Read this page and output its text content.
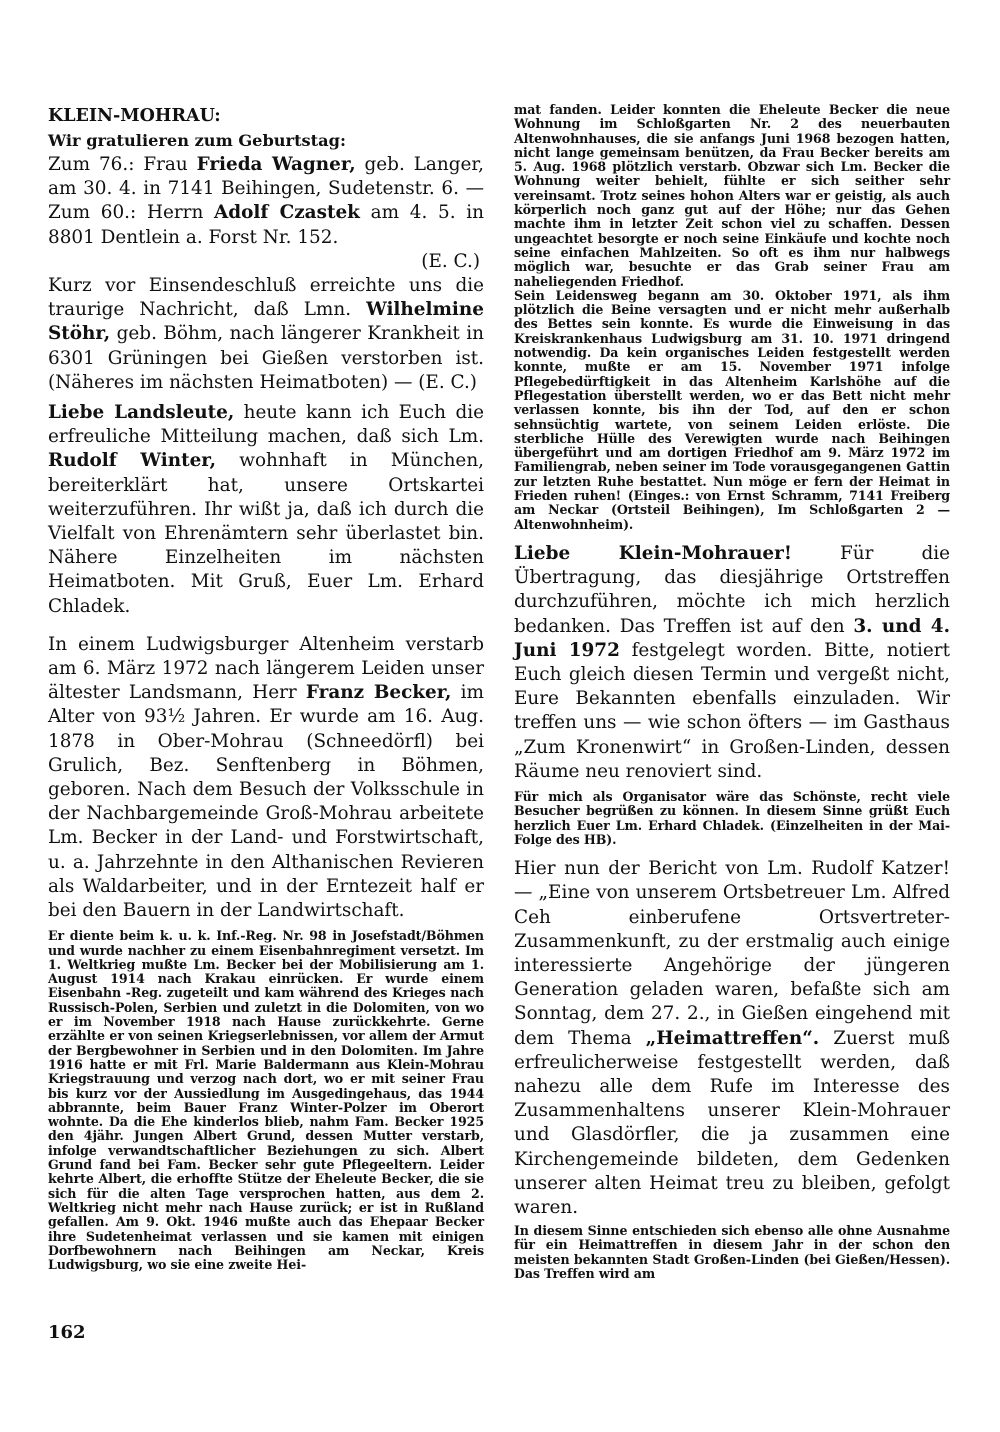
KLEIN-MOHRAU:

Wir gratulieren zum Geburtstag:

Zum 76.: Frau Frieda Wagner, geb. Langer, am 30. 4. in 7141 Beihingen, Sudetenstr. 6. — Zum 60.: Herrn Adolf Czastek am 4. 5. in 8801 Dentlein a. Forst Nr. 152.

(E. C.)

Kurz vor Einsendeschluß erreichte uns die traurige Nachricht, daß Lmn. Wilhelmine Stöhr, geb. Böhm, nach längerer Krankheit in 6301 Grüningen bei Gießen verstorben ist. (Näheres im nächsten Heimatboten) — (E. C.)

Liebe Landsleute, heute kann ich Euch die erfreuliche Mitteilung machen, daß sich Lm. Rudolf Winter, wohnhaft in München, bereiterklärt hat, unsere Ortskartei weiterzuführen. Ihr wißt ja, daß ich durch die Vielfalt von Ehrenämtern sehr überlastet bin. Nähere Einzelheiten im nächsten Heimatboten. Mit Gruß, Euer Lm. Erhard Chladek.

In einem Ludwigsburger Altenheim verstarb am 6. März 1972 nach längerem Leiden unser ältester Landsmann, Herr Franz Becker, im Alter von 93½ Jahren. Er wurde am 16. Aug. 1878 in Ober-Mohrau (Schneedörfl) bei Grulich, Bez. Senftenberg in Böhmen, geboren. Nach dem Besuch der Volksschule in der Nachbargemeinde Groß-Mohrau arbeitete Lm. Becker in der Land- und Forstwirtschaft, u. a. Jahrzehnte in den Althanischen Revieren als Waldarbeiter, und in der Erntezeit half er bei den Bauern in der Landwirtschaft.

Er diente beim k. u. k. Inf.-Reg. Nr. 98 in Josefstadt/Böhmen und wurde nachher zu einem Eisenbahnregiment versetzt. Im 1. Weltkrieg mußte Lm. Becker bei der Mobilisierung am 1. August 1914 nach Krakau einrücken. Er wurde einem Eisenbahn -Reg. zugeteilt und kam während des Krieges nach Russisch-Polen, Serbien und zuletzt in die Dolomiten, von wo er im November 1918 nach Hause zurückkehrte. Gerne erzählte er von seinen Kriegserlebnissen, vor allem der Armut der Bergbewohner in Serbien und in den Dolomiten. Im Jahre 1916 hatte er mit Frl. Marie Baldermann aus Klein-Mohrau Kriegstrauung und verzog nach dort, wo er mit seiner Frau bis kurz vor der Aussiedlung im Ausgedingehaus, das 1944 abbrannte, beim Bauer Franz Winter-Polzer im Oberort wohnte. Da die Ehe kinderlos blieb, nahm Fam. Becker 1925 den 4jähr. Jungen Albert Grund, dessen Mutter verstarb, infolge verwandtschaftlicher Beziehungen zu sich. Albert Grund fand bei Fam. Becker sehr gute Pflegeeltern. Leider kehrte Albert, die erhoffte Stütze der Eheleute Becker, die sie sich für die alten Tage versprochen hatten, aus dem 2. Weltkrieg nicht mehr nach Hause zurück; er ist in Rußland gefallen. Am 9. Okt. 1946 mußte auch das Ehepaar Becker ihre Sudetenheimat verlassen und sie kamen mit einigen Dorfbewohnern nach Beihingen am Neckar, Kreis Ludwigsburg, wo sie eine zweite Hei-

mat fanden. Leider konnten die Eheleute Becker die neue Wohnung im Schloßgarten Nr. 2 des neuerbauten Altenwohnhauses, die sie anfangs Juni 1968 bezogen hatten, nicht lange gemeinsam benützen, da Frau Becker bereits am 5. Aug. 1968 plötzlich verstarb. Obzwar sich Lm. Becker die Wohnung weiter behielt, fühlte er sich seither sehr vereinsamt. Trotz seines hohon Alters war er geistig, als auch körperlich noch ganz gut auf der Höhe; nur das Gehen machte ihm in letzter Zeit schon viel zu schaffen. Dessen ungeachtet besorgte er noch seine Einkäufe und kochte noch seine einfachen Mahlzeiten. So oft es ihm nur halbwegs möglich war, besuchte er das Grab seiner Frau am naheliegenden Friedhof.

Sein Leidensweg begann am 30. Oktober 1971, als ihm plötzlich die Beine versagten und er nicht mehr außerhalb des Bettes sein konnte. Es wurde die Einweisung in das Kreiskrankenhaus Ludwigsburg am 31. 10. 1971 dringend notwendig. Da kein organisches Leiden festgestellt werden konnte, mußte er am 15. November 1971 infolge Pflegebedürftigkeit in das Altenheim Karlshöhe auf die Pflegestation überstellt werden, wo er das Bett nicht mehr verlassen konnte, bis ihn der Tod, auf den er schon sehnsüchtig wartete, von seinem Leiden erlöste. Die sterbliche Hülle des Verewigten wurde nach Beihingen übergeführt und am dortigen Friedhof am 9. März 1972 im Familiengrab, neben seiner im Tode vorausgegangenen Gattin zur letzten Ruhe bestattet. Nun möge er fern der Heimat in Frieden ruhen! (Einges.: von Ernst Schramm, 7141 Freiberg am Neckar (Ortsteil Beihingen), Im Schloßgarten 2 — Altenwohnheim).

Liebe Klein-Mohrauer! Für die Übertragung, das diesjährige Ortstreffen durchzuführen, möchte ich mich herzlich bedanken. Das Treffen ist auf den 3. und 4. Juni 1972 festgelegt worden. Bitte, notiert Euch gleich diesen Termin und vergeßt nicht, Eure Bekannten ebenfalls einzuladen. Wir treffen uns — wie schon öfters — im Gasthaus „Zum Kronenwirt“ in Großen-Linden, dessen Räume neu renoviert sind.

Für mich als Organisator wäre das Schönste, recht viele Besucher begrüßen zu können. In diesem Sinne grüßt Euch herzlich Euer Lm. Erhard Chladek. (Einzelheiten in der Mai-Folge des HB).

Hier nun der Bericht von Lm. Rudolf Katzer! — „Eine von unserem Ortsbetreuer Lm. Alfred Ceh einberufene Ortsvertreter-Zusammenkunft, zu der erstmalig auch einige interessierte Angehörige der jüngeren Generation geladen waren, befaßte sich am Sonntag, dem 27. 2., in Gießen eingehend mit dem Thema „Heimattreffen“. Zuerst muß erfreulicherweise festgestellt werden, daß nahezu alle dem Rufe im Interesse des Zusammenhaltens unserer Klein-Mohrauer und Glasdörfler, die ja zusammen eine Kirchengemeinde bildeten, dem Gedenken unserer alten Heimat treu zu bleiben, gefolgt waren.

In diesem Sinne entschieden sich ebenso alle ohne Ausnahme für ein Heimattreffen in diesem Jahr in der schon den meisten bekannten Stadt Großen-Linden (bei Gießen/Hessen). Das Treffen wird am

162
